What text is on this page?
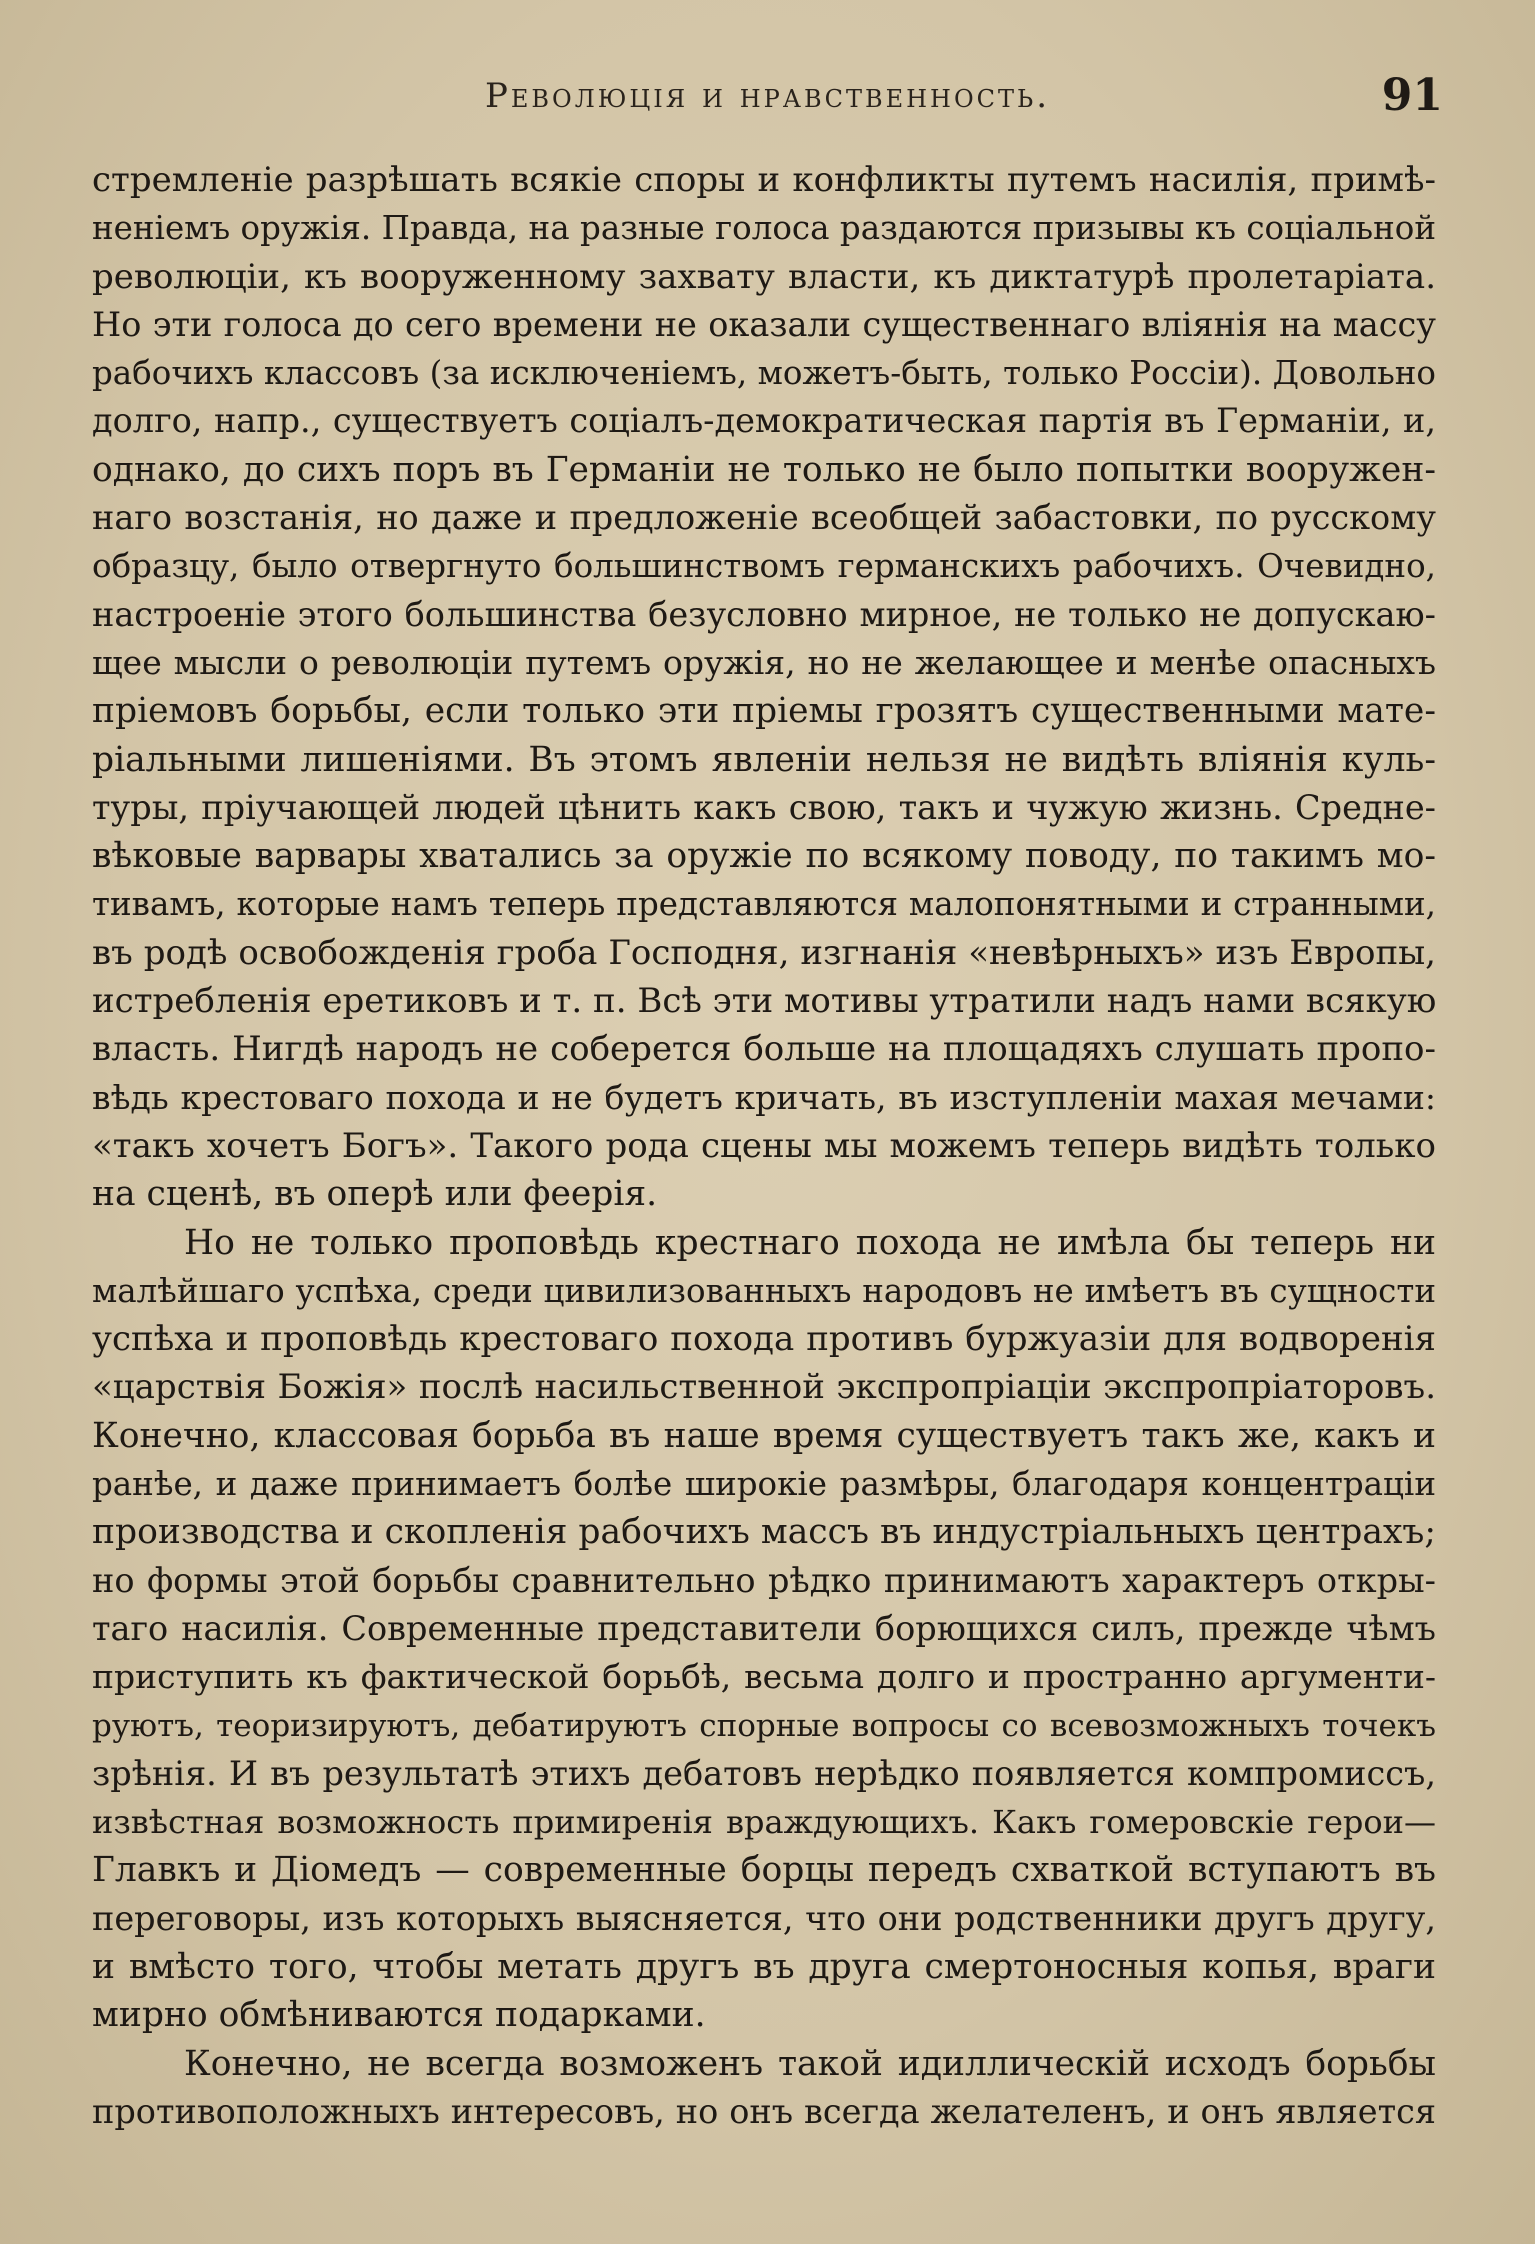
Революція и нравственность.	91
стремленіе разрѣшать всякіе споры и конфликты путемъ насилія, примѣ-
неніемъ оружія. Правда, на разные голоса раздаются призывы къ соціальной
революціи, къ вооруженному захвату власти, къ диктатурѣ пролетаріата.
Но эти голоса до сего времени не оказали существеннаго вліянія на массу
рабочихъ классовъ (за исключеніемъ, можетъ-быть, только Россіи). Довольно
долго, напр., существуетъ соціалъ-демократическая партія въ Германіи, и,
однако, до сихъ поръ въ Германіи не только не было попытки вооружен-
наго возстанія, но даже и предложеніе всеобщей забастовки, по русскому
образцу, было отвергнуто большинствомъ германскихъ рабочихъ. Очевидно,
настроеніе этого большинства безусловно мирное, не только не допускаю-
щее мысли о революціи путемъ оружія, но не желающее и менѣе опасныхъ
пріемовъ борьбы, если только эти пріемы грозятъ существенными мате-
ріальными лишеніями. Въ этомъ явленіи нельзя не видѣть вліянія куль-
туры, пріучающей людей цѣнить какъ свою, такъ и чужую жизнь. Средне-
вѣковые варвары хватались за оружіе по всякому поводу, по такимъ мо-
тивамъ, которые намъ теперь представляются малопонятными и странными,
въ родѣ освобожденія гроба Господня, изгнанія «невѣрныхъ» изъ Европы,
истребленія еретиковъ и т. п. Всѣ эти мотивы утратили надъ нами всякую
власть. Нигдѣ народъ не соберется больше на площадяхъ слушать пропо-
вѣдь крестоваго похода и не будетъ кричать, въ изступленіи махая мечами:
«такъ хочетъ Богъ». Такого рода сцены мы можемъ теперь видѣть только
на сценѣ, въ оперѣ или феерія.
Но не только проповѣдь крестнаго похода не имѣла бы теперь ни
малѣйшаго успѣха, среди цивилизованныхъ народовъ не имѣетъ въ сущности
успѣха и проповѣдь крестоваго похода противъ буржуазіи для водворенія
«царствія Божія» послѣ насильственной экспропріаціи экспропріаторовъ.
Конечно, классовая борьба въ наше время существуетъ такъ же, какъ и
ранѣе, и даже принимаетъ болѣе широкіе размѣры, благодаря концентраціи
производства и скопленія рабочихъ массъ въ индустріальныхъ центрахъ;
но формы этой борьбы сравнительно рѣдко принимаютъ характеръ откры-
таго насилія. Современные представители борющихся силъ, прежде чѣмъ
приступить къ фактической борьбѣ, весьма долго и пространно аргументи-
руютъ, теоризируютъ, дебатируютъ спорные вопросы со всевозможныхъ точекъ
зрѣнія. И въ результатѣ этихъ дебатовъ нерѣдко появляется компромиссъ,
извѣстная возможность примиренія враждующихъ. Какъ гомеровскіе герои—
Главкъ и Діомедъ — современные борцы передъ схваткой вступаютъ въ
переговоры, изъ которыхъ выясняется, что они родственники другъ другу,
и вмѣсто того, чтобы метать другъ въ друга смертоносныя копья, враги
мирно обмѣниваются подарками.
Конечно, не всегда возможенъ такой идиллическій исходъ борьбы
противоположныхъ интересовъ, но онъ всегда желателенъ, и онъ является
